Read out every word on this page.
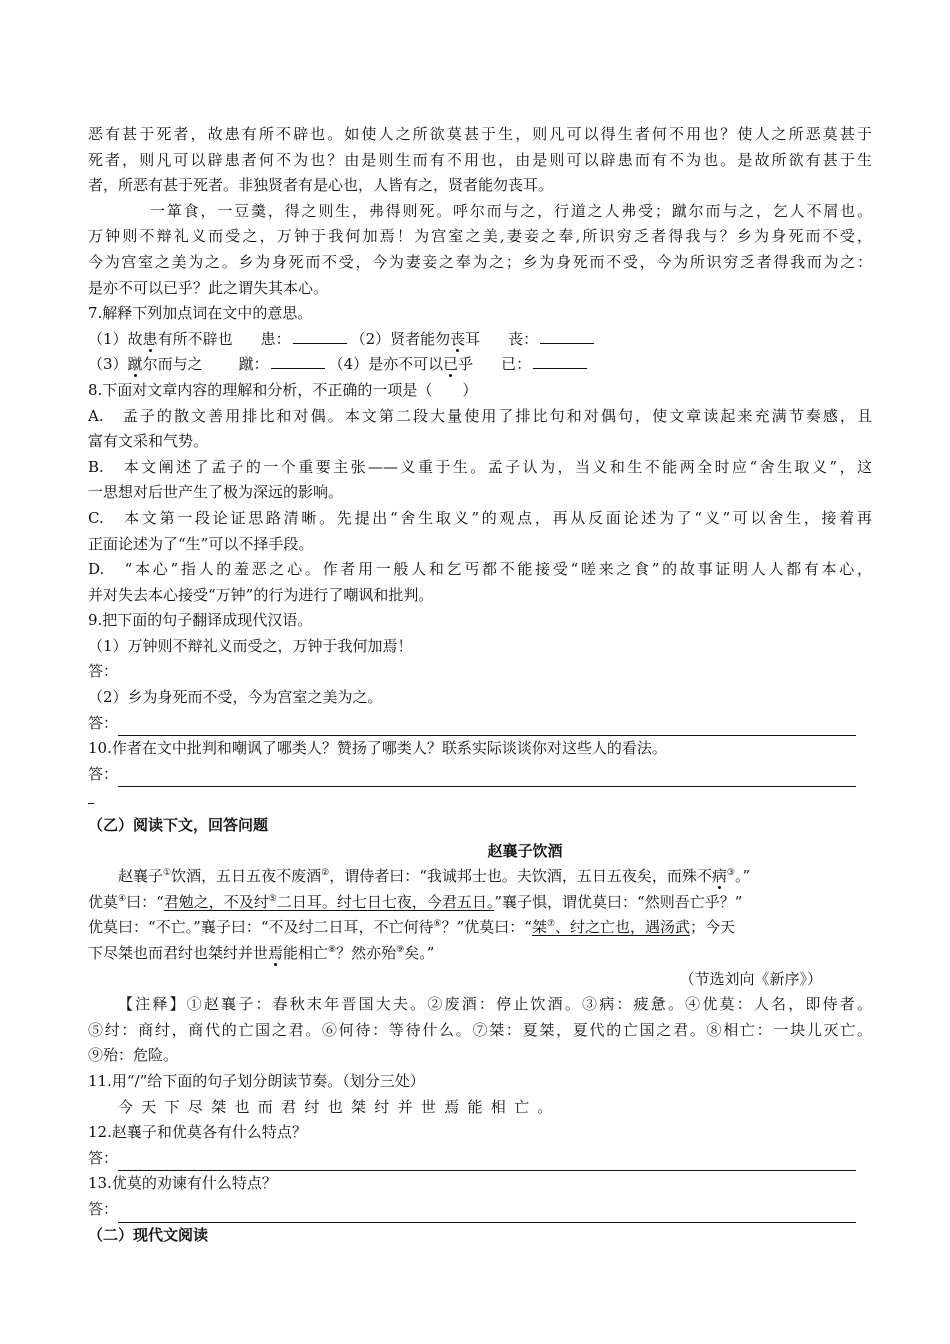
恶有甚于死者，故患有所不辟也。如使人之所欲莫甚于生，则凡可以得生者何不用也？使人之所恶莫甚于
死者，则凡可以辟患者何不为也？由是则生而有不用也，由是则可以辟患而有不为也。是故所欲有甚于生
者，所恶有甚于死者。非独贤者有是心也，人皆有之，贤者能勿丧耳。
一箪食，一豆羹，得之则生，弗得则死。呼尔而与之，行道之人弗受；蹴尔而与之，乞人不屑也。
万钟则不辩礼义而受之，万钟于我何加焉！为宫室之美,妻妾之奉,所识穷乏者得我与？乡为身死而不受，
今为宫室之美为之。乡为身死而不受，今为妻妾之奉为之；乡为身死而不受，今为所识穷乏者得我而为之：
是亦不可以已乎？此之谓失其本心。
7.解释下列加点词在文中的意思。
（1）故患有所不辟也 患：	（2）贤者能勿丧耳 丧：
（3）蹴尔而与之 蹴：	（4）是亦不可以已乎 已：
8.下面对文章内容的理解和分析，不正确的一项是（　　）
A.　孟子的散文善用排比和对偶。本文第二段大量使用了排比句和对偶句，使文章读起来充满节奏感，且
富有文采和气势。
B.　本文阐述了孟子的一个重要主张——义重于生。孟子认为，当义和生不能两全时应“舍生取义”，这
一思想对后世产生了极为深远的影响。
C.　本文第一段论证思路清晰。先提出“舍生取义”的观点，再从反面论述为了“义”可以舍生，接着再
正面论述为了“生”可以不择手段。
D.　“本心”指人的羞恶之心。作者用一般人和乞丐都不能接受“嗟来之食”的故事证明人人都有本心，
并对失去本心接受“万钟”的行为进行了嘲讽和批判。
9.把下面的句子翻译成现代汉语。
（1）万钟则不辩礼义而受之，万钟于我何加焉！
答：
（2）乡为身死而不受，今为宫室之美为之。
答：
10.作者在文中批判和嘲讽了哪类人？赞扬了哪类人？联系实际谈谈你对这些人的看法。
答：
（乙）阅读下文，回答问题
赵襄子饮酒
赵襄子①饮酒，五日五夜不废酒②，谓侍者曰：“我诚邦士也。夫饮酒，五日五夜矣，而殊不病③。”
优莫④曰：“君勉之，不及纣⑤二日耳。纣七日七夜，今君五日。”襄子惧，谓优莫曰：“然则吾亡乎？”
优莫曰：“不亡。”襄子曰：“不及纣二日耳，不亡何待⑥？”优莫曰：“桀⑦、纣之亡也，遇汤武；今天
下尽桀也而君纣也桀纣并世焉能相亡⑧？然亦殆⑨矣。”
（节选刘向《新序》）
【注释】①赵襄子：春秋末年晋国大夫。②废酒：停止饮酒。③病：疲惫。④优莫：人名，即侍者。
⑤纣：商纣，商代的亡国之君。⑥何待：等待什么。⑦桀：夏桀，夏代的亡国之君。⑧相亡：一块儿灭亡。
⑨殆：危险。
11.用“/”给下面的句子划分朗读节奏。（划分三处）
今天下尽桀也而君纣也桀纣并世焉能相亡。
12.赵襄子和优莫各有什么特点？
答：
13.优莫的劝谏有什么特点？
答：
（二）现代文阅读
